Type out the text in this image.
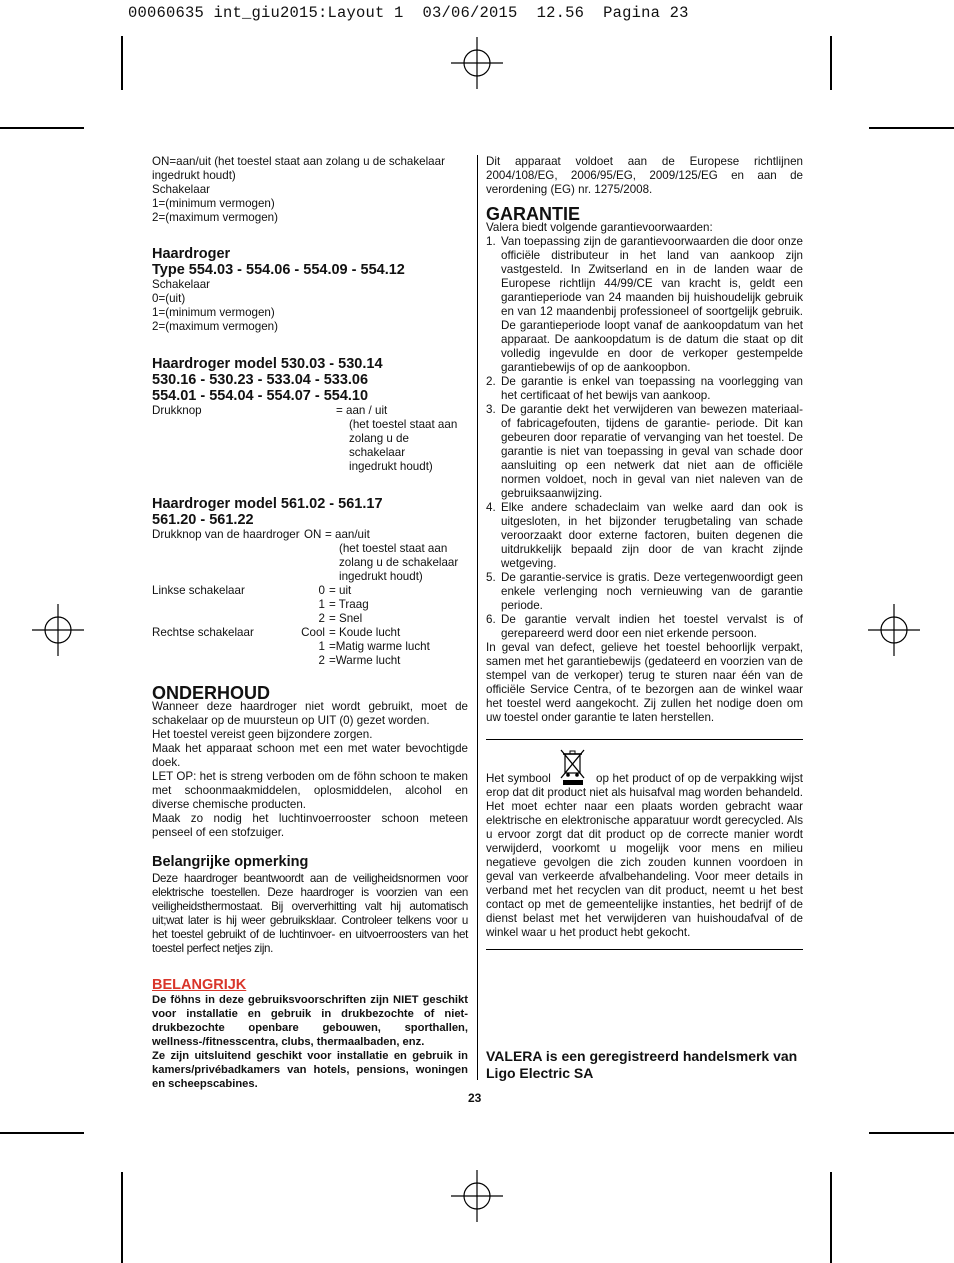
00060635 int_giu2015:Layout 1  03/06/2015  12.56  Pagina 23

ON=aan/uit (het toestel staat aan zolang u de schakelaar ingedrukt houdt)

Schakelaar

1=(minimum vermogen)

2=(maximum vermogen)

Haardroger
Type 554.03 - 554.06 - 554.09 - 554.12

Schakelaar

0=(uit)

1=(minimum vermogen)

2=(maximum vermogen)

Haardroger model 530.03 - 530.14
530.16 - 530.23 - 533.04 - 533.06
554.01 - 554.04 - 554.07 - 554.10
Drukknop	= aan / uit

(het toestel staat aan

zolang u de schakelaar

ingedrukt houdt)

Haardroger model 561.02 - 561.17
561.20 - 561.22
Drukknop van de haardroger ON = aan/uit

(het toestel staat aan

zolang u de schakelaar

ingedrukt houdt)

Linkse schakelaar	0 = uit
1 = Traag
2 = Snel
Rechtse schakelaar	Cool = Koude lucht
1 =Matig warme lucht
2 =Warme lucht
ONDERHOUD

Wanneer deze haardroger niet wordt gebruikt, moet de schakelaar op de muursteun op UIT (0) gezet worden.

Het toestel vereist geen bijzondere zorgen.

Maak het apparaat schoon met een met water bevochtigde doek.

LET OP: het is streng verboden om de föhn schoon te maken met schoonmaakmiddelen, oplosmiddelen, alcohol en diverse chemische producten.

Maak zo nodig het luchtinvoerrooster schoon meteen penseel of een stofzuiger.

Belangrijke opmerking

Deze haardroger beantwoordt aan de veiligheidsnormen voor elektrische toestellen. Deze haardroger is voorzien van een veiligheidsthermostaat. Bij oververhitting valt hij automatisch uit;wat later is hij weer gebruiksklaar. Controleer telkens voor u het toestel gebruikt of de luchtinvoer- en uitvoerroosters van het toestel perfect netjes zijn.

BELANGRIJK

De föhns in deze gebruiksvoorschriften zijn NIET geschikt voor installatie en gebruik in drukbezochte of niet-drukbezochte openbare gebouwen, sporthallen, wellness-/fitnesscentra, clubs, thermaalbaden, enz.

Ze zijn uitsluitend geschikt voor installatie en gebruik in kamers/privébadkamers van hotels, pensions, woningen en scheepscabines.

Dit apparaat voldoet aan de Europese richtlijnen 2004/108/EG, 2006/95/EG, 2009/125/EG en aan de verordening (EG) nr. 1275/2008.

GARANTIE

Valera biedt volgende garantievoorwaarden:

1. Van toepassing zijn de garantievoorwaarden die door onze officiële distributeur in het land van aankoop zijn vastgesteld. In Zwitserland en in de landen waar de Europese richtlijn 44/99/CE van kracht is, geldt een garantieperiode van 24 maanden bij huishoudelijk gebruik en van 12 maandenbij professioneel of soortgelijk gebruik. De garantieperiode loopt vanaf de aankoopdatum van het apparaat. De aankoopdatum is de datum die staat op dit volledig ingevulde en door de verkoper gestempelde garantiebewijs of op de aankoopbon.
2. De garantie is enkel van toepassing na voorlegging van het certificaat of het bewijs van aankoop.
3. De garantie dekt het verwijderen van bewezen materiaal- of fabricagefouten, tijdens de garantie- periode. Dit kan gebeuren door reparatie of vervanging van het toestel. De garantie is niet van toepassing in geval van schade door aansluiting op een netwerk dat niet aan de officiële normen voldoet, noch in geval van niet naleven van de gebruiksaanwijzing.
4. Elke andere schadeclaim van welke aard dan ook is uitgesloten, in het bijzonder terugbetaling van schade veroorzaakt door externe factoren, buiten degenen die uitdrukkelijk bepaald zijn door de van kracht zijnde wetgeving.
5. De garantie-service is gratis. Deze vertegenwoordigt geen enkele verlenging noch vernieuwing van de garantie periode.
6. De garantie vervalt indien het toestel vervalst is of gerepareerd werd door een niet erkende persoon.

In geval van defect, gelieve het toestel behoorlijk verpakt, samen met het garantiebewijs (gedateerd en voorzien van de stempel van de verkoper) terug te sturen naar één van de officiële Service Centra, of te bezorgen aan de winkel waar het toestel werd aangekocht. Zij zullen het nodige doen om uw toestel onder garantie te laten herstellen.

Het symbool	op het product of op de verpakking wijst erop dat dit product niet als huisafval mag worden behandeld. Het moet echter naar een plaats worden gebracht waar elektrische en elektronische apparatuur wordt gerecycled. Als u ervoor zorgt dat dit product op de correcte manier wordt verwijderd, voorkomt u mogelijk voor mens en milieu negatieve gevolgen die zich zouden kunnen voordoen in geval van verkeerde afvalbehandeling. Voor meer details in verband met het recyclen van dit product, neemt u het best contact op met de gemeentelijke instanties, het bedrijf of de dienst belast met het verwijderen van huishoudafval of de winkel waar u het product hebt gekocht.

VALERA is een geregistreerd handelsmerk van Ligo Electric SA

23
